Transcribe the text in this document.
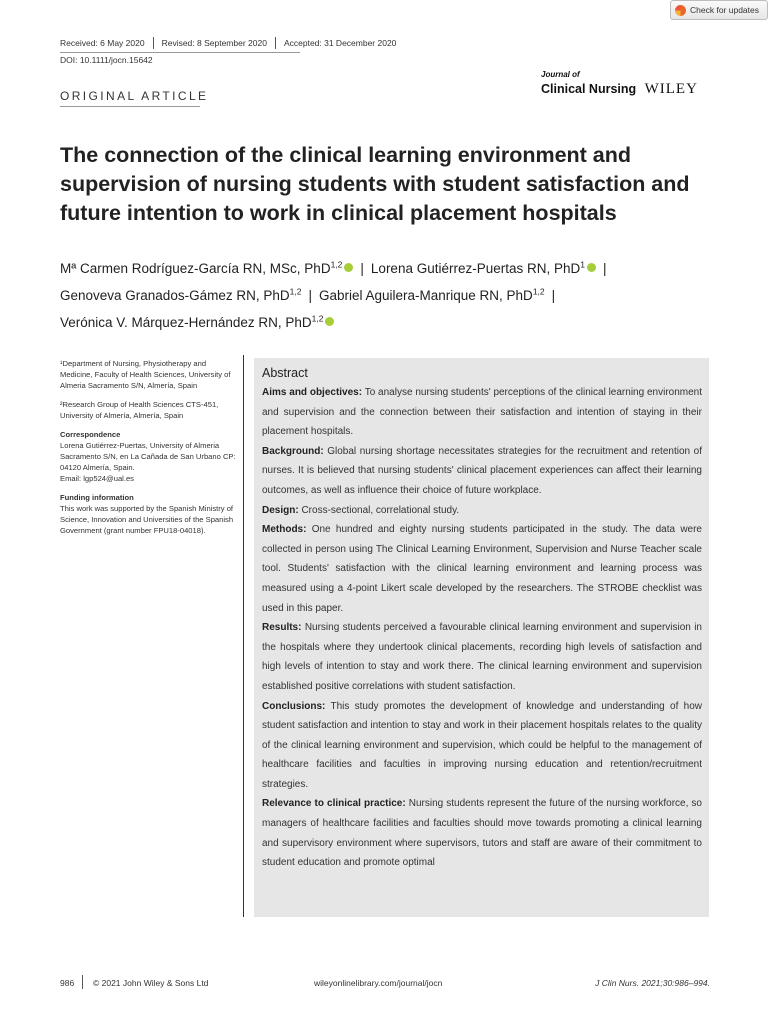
Check for updates
Received: 6 May 2020	Revised: 8 September 2020	Accepted: 31 December 2020
DOI: 10.1111/jocn.15642
ORIGINAL ARTICLE
Journal of
Clinical Nursing WILEY
The connection of the clinical learning environment and supervision of nursing students with student satisfaction and future intention to work in clinical placement hospitals
Mª Carmen Rodríguez-García RN, MSc, PhD$^{1,2}$ | Lorena Gutiérrez-Puertas RN, PhD$^1$ |
Genoveva Granados-Gámez RN, PhD$^{1,2}$ | Gabriel Aguilera-Manrique RN, PhD$^{1,2}$ |
Verónica V. Márquez-Hernández RN, PhD$^{1,2}$
¹Department of Nursing, Physiotherapy and Medicine, Faculty of Health Sciences, University of Almeria Sacramento S/N, Almería, Spain
²Research Group of Health Sciences CTS-451, University of Almería, Almería, Spain
Correspondence
Lorena Gutiérrez-Puertas, University of Almeria Sacramento S/N, en La Cañada de San Urbano CP: 04120 Almería, Spain.
Email: lgp524@ual.es
Funding information
This work was supported by the Spanish Ministry of Science, Innovation and Universities of the Spanish Government (grant number FPU18-04018).
Abstract

Aims and objectives: To analyse nursing students' perceptions of the clinical learning environment and supervision and the connection between their satisfaction and intention of staying in their placement hospitals.

Background: Global nursing shortage necessitates strategies for the recruitment and retention of nurses. It is believed that nursing students' clinical placement experiences can affect their learning outcomes, as well as influence their choice of future workplace.

Design: Cross-sectional, correlational study.

Methods: One hundred and eighty nursing students participated in the study. The data were collected in person using The Clinical Learning Environment, Supervision and Nurse Teacher scale tool. Students' satisfaction with the clinical learning environment and learning process was measured using a 4-point Likert scale developed by the researchers. The STROBE checklist was used in this paper.

Results: Nursing students perceived a favourable clinical learning environment and supervision in the hospitals where they undertook clinical placements, recording high levels of satisfaction and high levels of intention to stay and work there. The clinical learning environment and supervision established positive correlations with student satisfaction.

Conclusions: This study promotes the development of knowledge and understanding of how student satisfaction and intention to stay and work in their placement hospitals relates to the quality of the clinical learning environment and supervision, which could be helpful to the management of healthcare facilities and faculties in improving nursing education and retention/recruitment strategies.

Relevance to clinical practice: Nursing students represent the future of the nursing workforce, so managers of healthcare facilities and faculties should move towards promoting a clinical learning and supervisory environment where supervisors, tutors and staff are aware of their commitment to student education and promote optimal

986 © 2021 John Wiley & Sons Ltd	wileyonlinelibrary.com/journal/jocn	J Clin Nurs. 2021;30:986–994.
